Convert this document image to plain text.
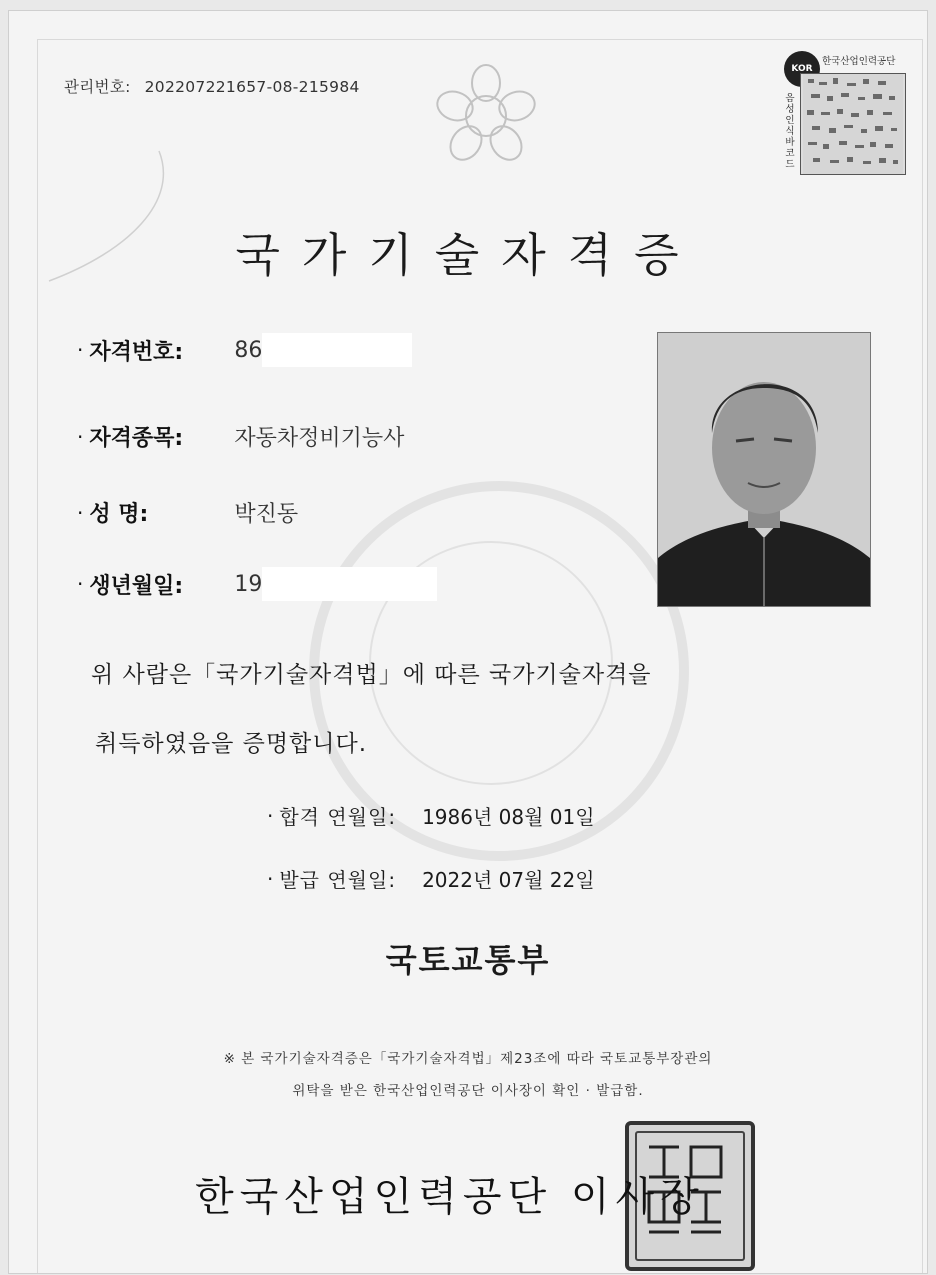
관리번호: 202207221657-08-215984
KOR
한국산업인력공단
음성인식바코드
국가기술자격증
· 자격번호:	86
· 자격종목:	자동차정비기능사
· 성 명:	박진동
· 생년월일:	19
위 사람은「국가기술자격법」에 따른 국가기술자격을
취득하였음을 증명합니다.
· 합격 연월일: 1986년 08월 01일
· 발급 연월일: 2022년 07월 22일
국토교통부
※ 본 국가기술자격증은「국가기술자격법」제23조에 따라 국토교통부장관의
위탁을 받은 한국산업인력공단 이사장이 확인 · 발급함.
한국산업인력공단 이사장
